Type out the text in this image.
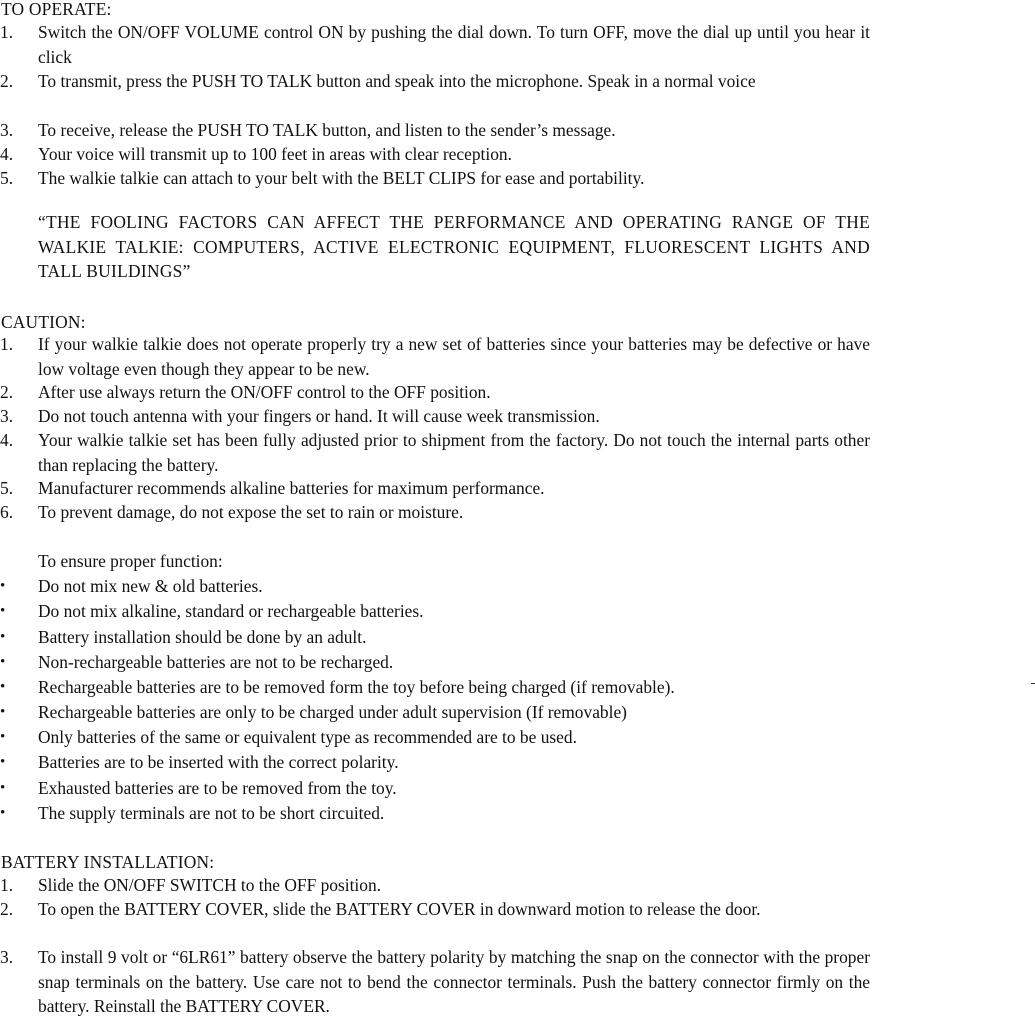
TO OPERATE:
1.	Switch the ON/OFF VOLUME control ON by pushing the dial down. To turn OFF, move the dial up until you hear it click
2.	To transmit, press the PUSH TO TALK button and speak into the microphone. Speak in a normal voice
3.	To receive, release the PUSH TO TALK button, and listen to the sender’s message.
4.	Your voice will transmit up to 100 feet in areas with clear reception.
5.	The walkie talkie can attach to your belt with the BELT CLIPS for ease and portability.
“THE FOOLING FACTORS CAN AFFECT THE PERFORMANCE AND OPERATING RANGE OF THE WALKIE TALKIE: COMPUTERS, ACTIVE ELECTRONIC EQUIPMENT, FLUORESCENT LIGHTS AND TALL BUILDINGS”
CAUTION:
1.	If your walkie talkie does not operate properly try a new set of batteries since your batteries may be defective or have low voltage even though they appear to be new.
2.	After use always return the ON/OFF control to the OFF position.
3.	Do not touch antenna with your fingers or hand. It will cause week transmission.
4.	Your walkie talkie set has been fully adjusted prior to shipment from the factory. Do not touch the internal parts other than replacing the battery.
5.	Manufacturer recommends alkaline batteries for maximum performance.
6.	To prevent damage, do not expose the set to rain or moisture.
To ensure proper function:
•	Do not mix new & old batteries.
•	Do not mix alkaline, standard or rechargeable batteries.
•	Battery installation should be done by an adult.
•	Non-rechargeable batteries are not to be recharged.
•	Rechargeable batteries are to be removed form the toy before being charged (if removable).
•	Rechargeable batteries are only to be charged under adult supervision (If removable)
•	Only batteries of the same or equivalent type as recommended are to be used.
•	Batteries are to be inserted with the correct polarity.
•	Exhausted batteries are to be removed from the toy.
•	The supply terminals are not to be short circuited.
BATTERY INSTALLATION:
1.	Slide the ON/OFF SWITCH to the OFF position.
2.	To open the BATTERY COVER, slide the BATTERY COVER in downward motion to release the door.
3.	To install 9 volt or “6LR61” battery observe the battery polarity by matching the snap on the connector with the proper snap terminals on the battery. Use care not to bend the connector terminals. Push the battery connector firmly on the battery. Reinstall the BATTERY COVER.
